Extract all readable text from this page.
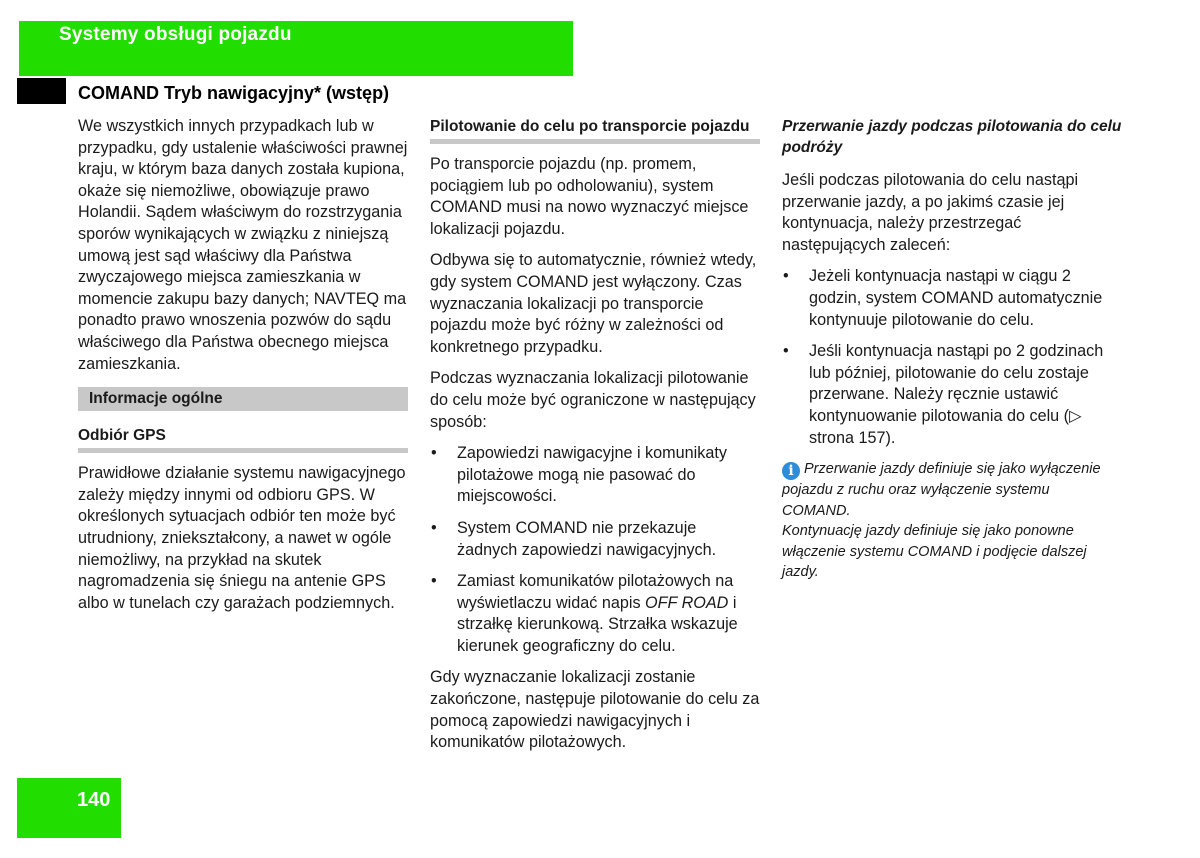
Systemy obsługi pojazdu
COMAND Tryb nawigacyjny* (wstęp)

We wszystkich innych przypadkach lub w przypadku, gdy ustalenie właściwości prawnej kraju, w którym baza danych została kupiona, okaże się niemożliwe, obowiązuje prawo Holandii. Sądem właściwym do rozstrzygania sporów wynikających w związku z niniejszą umową jest sąd właściwy dla Państwa zwyczajowego miejsca zamieszkania w momencie zakupu bazy danych; NAVTEQ ma ponadto prawo wnoszenia pozwów do sądu właściwego dla Państwa obecnego miejsca zamieszkania.

Informacje ogólne
Odbiór GPS

Prawidłowe działanie systemu nawigacyjnego zależy między innymi od odbioru GPS. W określonych sytuacjach odbiór ten może być utrudniony, zniekształcony, a nawet w ogóle niemożliwy, na przykład na skutek nagromadzenia się śniegu na antenie GPS albo w tunelach czy garażach podziemnych.

Pilotowanie do celu po transporcie pojazdu

Po transporcie pojazdu (np. promem, pociągiem lub po odholowaniu), system COMAND musi na nowo wyznaczyć miejsce lokalizacji pojazdu.

Odbywa się to automatycznie, również wtedy, gdy system COMAND jest wyłączony. Czas wyznaczania lokalizacji po transporcie pojazdu może być różny w zależności od konkretnego przypadku.

Podczas wyznaczania lokalizacji pilotowanie do celu może być ograniczone w następujący sposób:

• Zapowiedzi nawigacyjne i komunikaty pilotażowe mogą nie pasować do miejscowości.
• System COMAND nie przekazuje żadnych zapowiedzi nawigacyjnych.
• Zamiast komunikatów pilotażowych na wyświetlaczu widać napis OFF ROAD i strzałkę kierunkową. Strzałka wskazuje kierunek geograficzny do celu.

Gdy wyznaczanie lokalizacji zostanie zakończone, następuje pilotowanie do celu za pomocą zapowiedzi nawigacyjnych i komunikatów pilotażowych.

Przerwanie jazdy podczas pilotowania do celu podróży

Jeśli podczas pilotowania do celu nastąpi przerwanie jazdy, a po jakimś czasie jej kontynuacja, należy przestrzegać następujących zaleceń:

• Jeżeli kontynuacja nastąpi w ciągu 2 godzin, system COMAND automatycznie kontynuuje pilotowanie do celu.
• Jeśli kontynuacja nastąpi po 2 godzinach lub później, pilotowanie do celu zostaje przerwane. Należy ręcznie ustawić kontynuowanie pilotowania do celu (▷ strona 157).
i Przerwanie jazdy definiuje się jako wyłączenie pojazdu z ruchu oraz wyłączenie systemu COMAND.
Kontynuację jazdy definiuje się jako ponowne włączenie systemu COMAND i podjęcie dalszej jazdy.
140
